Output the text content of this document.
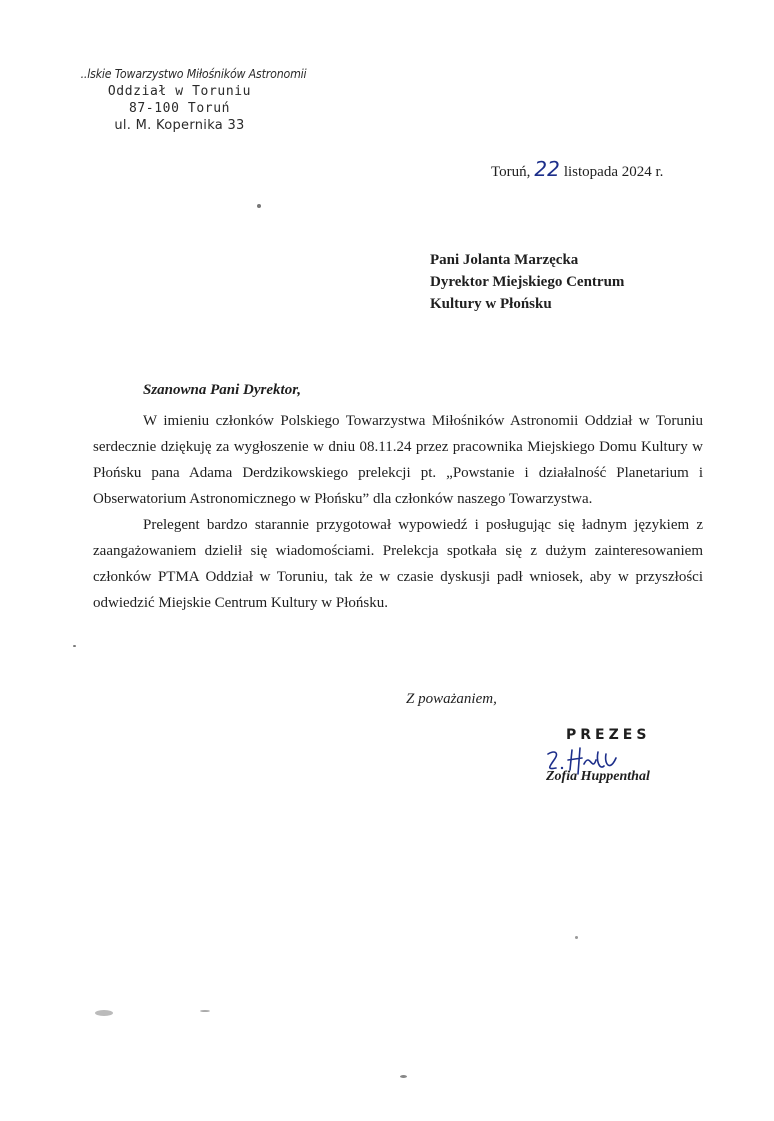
..lskie Towarzystwo Miłośników Astronomii
Oddział w Toruniu
87-100 Toruń
ul. M. Kopernika 33
Toruń, 22 listopada 2024 r.
Pani Jolanta Marzęcka
Dyrektor Miejskiego Centrum
Kultury w Płońsku
Szanowna Pani Dyrektor,

W imieniu członków Polskiego Towarzystwa Miłośników Astronomii Oddział w Toruniu serdecznie dziękuję za wygłoszenie w dniu 08.11.24 przez pracownika Miejskiego Domu Kultury w Płońsku pana Adama Derdzikowskiego prelekcji pt. „Powstanie i działalność Planetarium i Obserwatorium Astronomicznego w Płońsku” dla członków naszego Towarzystwa.

Prelegent bardzo starannie przygotował wypowiedź i posługując się ładnym językiem z zaangażowaniem dzielił się wiadomościami. Prelekcja spotkała się z dużym zainteresowaniem członków PTMA Oddział w Toruniu, tak że w czasie dyskusji padł wniosek, aby w przyszłości odwiedzić Miejskie Centrum Kultury w Płońsku.

Z poważaniem,
PREZES
Zofia Huppenthal
